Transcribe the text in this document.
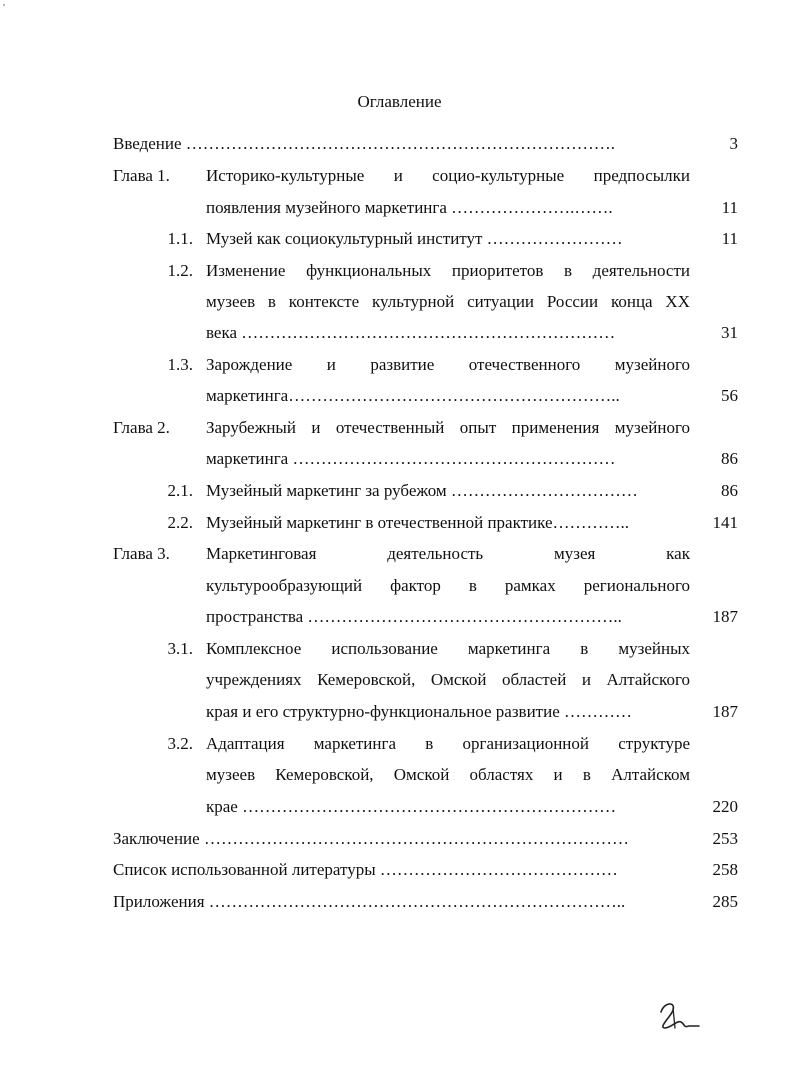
'
Оглавление
Введение ………………………………………………………………….	3
Глава 1. Историко-культурные и социо-культурные предпосылки
появления музейного маркетинга ………………….…….	11
1.1. Музей как социокультурный институт ……………………	11
1.2. Изменение функциональных приоритетов в деятельности
музеев в контексте культурной ситуации России конца XX
века …………………………………………………………	31
1.3. Зарождение и развитие отечественного музейного
маркетинга…………………………………………………..	56
Глава 2. Зарубежный и отечественный опыт применения музейного
маркетинга …………………………………………………	86
2.1. Музейный маркетинг за рубежом ……………………………	86
2.2. Музейный маркетинг в отечественной практике…………..	141
Глава 3. Маркетинговая деятельность музея как
культурообразующий фактор в рамках регионального
пространства ………………………………………………..	187
3.1. Комплексное использование маркетинга в музейных
учреждениях Кемеровской, Омской областей и Алтайского
края и его структурно-функциональное развитие …………	187
3.2. Адаптация маркетинга в организационной структуре
музеев Кемеровской, Омской областях и в Алтайском
крае …………………………………………………………	220
Заключение …………………………………………………………………	253
Список использованной литературы ……………………………………	258
Приложения ………………………………………………………………..	285
